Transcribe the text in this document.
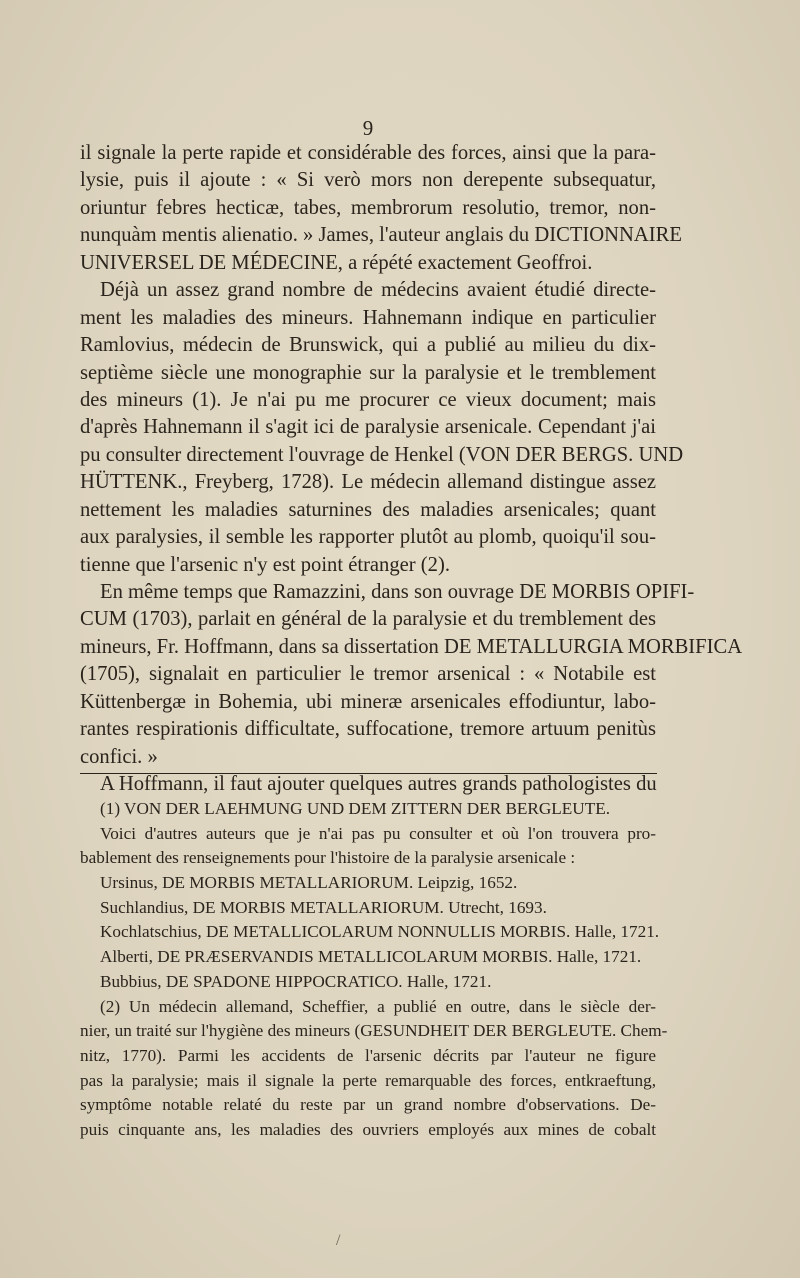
9
il signale la perte rapide et considérable des forces, ainsi que la para-
lysie, puis il ajoute : « Si verò mors non derepente subsequatur,
oriuntur febres hecticæ, tabes, membrorum resolutio, tremor, non-
nunquàm mentis alienatio. » James, l'auteur anglais du DICTIONNAIRE
UNIVERSEL DE MÉDECINE, a répété exactement Geoffroi.
Déjà un assez grand nombre de médecins avaient étudié directe-
ment les maladies des mineurs. Hahnemann indique en particulier
Ramlovius, médecin de Brunswick, qui a publié au milieu du dix-
septième siècle une monographie sur la paralysie et le tremblement
des mineurs (1). Je n'ai pu me procurer ce vieux document; mais
d'après Hahnemann il s'agit ici de paralysie arsenicale. Cependant j'ai
pu consulter directement l'ouvrage de Henkel (VON DER BERGS. UND
HÜTTENK., Freyberg, 1728). Le médecin allemand distingue assez
nettement les maladies saturnines des maladies arsenicales; quant
aux paralysies, il semble les rapporter plutôt au plomb, quoiqu'il sou-
tienne que l'arsenic n'y est point étranger (2).
En même temps que Ramazzini, dans son ouvrage DE MORBIS OPIFI-
CUM (1703), parlait en général de la paralysie et du tremblement des
mineurs, Fr. Hoffmann, dans sa dissertation DE METALLURGIA MORBIFICA
(1705), signalait en particulier le tremor arsenical : « Notabile est
Küttenbergæ in Bohemia, ubi mineræ arsenicales effodiuntur, labo-
rantes respirationis difficultate, suffocatione, tremore artuum penitùs
confici. »
A Hoffmann, il faut ajouter quelques autres grands pathologistes du
(1) VON DER LAEHMUNG UND DEM ZITTERN DER BERGLEUTE.
Voici d'autres auteurs que je n'ai pas pu consulter et où l'on trouvera pro-
bablement des renseignements pour l'histoire de la paralysie arsenicale :
Ursinus, DE MORBIS METALLARIORUM. Leipzig, 1652.
Suchlandius, DE MORBIS METALLARIORUM. Utrecht, 1693.
Kochlatschius, DE METALLICOLARUM NONNULLIS MORBIS. Halle, 1721.
Alberti, DE PRÆSERVANDIS METALLICOLARUM MORBIS. Halle, 1721.
Bubbius, DE SPADONE HIPPOCRATICO. Halle, 1721.
(2) Un médecin allemand, Scheffier, a publié en outre, dans le siècle der-
nier, un traité sur l'hygiène des mineurs (GESUNDHEIT DER BERGLEUTE. Chem-
nitz, 1770). Parmi les accidents de l'arsenic décrits par l'auteur ne figure
pas la paralysie; mais il signale la perte remarquable des forces, entkraeftung,
symptôme notable relaté du reste par un grand nombre d'observations. De-
puis cinquante ans, les maladies des ouvriers employés aux mines de cobalt
/
